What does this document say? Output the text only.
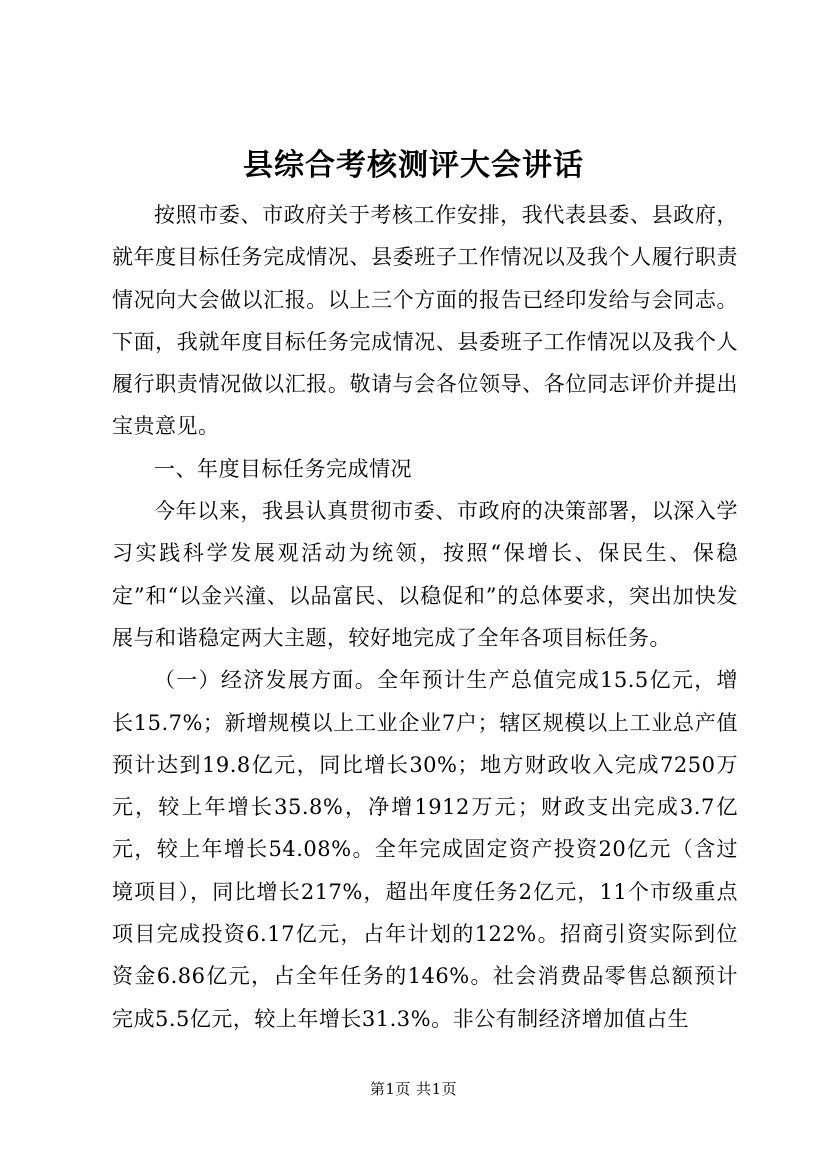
县综合考核测评大会讲话

按照市委、市政府关于考核工作安排，我代表县委、县政府，就年度目标任务完成情况、县委班子工作情况以及我个人履行职责情况向大会做以汇报。以上三个方面的报告已经印发给与会同志。下面，我就年度目标任务完成情况、县委班子工作情况以及我个人履行职责情况做以汇报。敬请与会各位领导、各位同志评价并提出宝贵意见。

一、年度目标任务完成情况

今年以来，我县认真贯彻市委、市政府的决策部署，以深入学习实践科学发展观活动为统领，按照“保增长、保民生、保稳定”和“以金兴潼、以品富民、以稳促和”的总体要求，突出加快发展与和谐稳定两大主题，较好地完成了全年各项目标任务。

（一）经济发展方面。全年预计生产总值完成15.5亿元，增长15.7%；新增规模以上工业企业7户；辖区规模以上工业总产值预计达到19.8亿元，同比增长30%；地方财政收入完成7250万元，较上年增长35.8%，净增1912万元；财政支出完成3.7亿元，较上年增长54.08%。全年完成固定资产投资20亿元（含过境项目），同比增长217%，超出年度任务2亿元，11个市级重点项目完成投资6.17亿元，占年计划的122%。招商引资实际到位资金6.86亿元，占全年任务的146%。社会消费品零售总额预计完成5.5亿元，较上年增长31.3%。非公有制经济增加值占生

第1页 共1页
